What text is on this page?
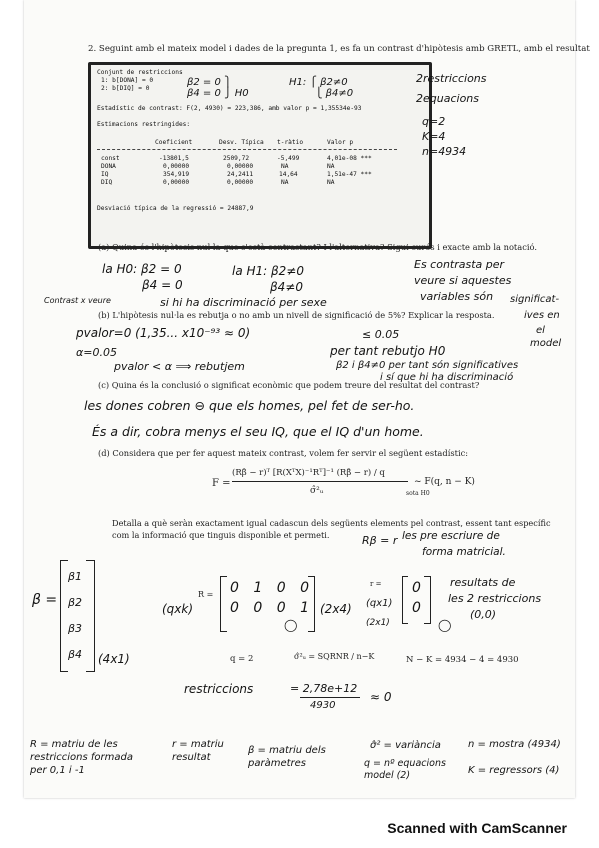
2. Seguint amb el mateix model i dades de la pregunta 1, es fa un contrast d'hipòtesis amb GRETL, amb el resultat
Conjunt de restriccions
1: b[DONA] = 0
2: b[DIQ] = 0
β2 = 0 ⎫
β4 = 0 ⎭ H0
H1: ⎧ β2≠0
⎩ β4≠0
Estadístic de contrast: F(2, 4930) = 223,386, amb valor p = 1,35534e-93
Estimacions restringides:
Coeficient	Desv. Típica t-ràtio	Valor p
const	-13801,5	2509,72	-5,499	4,01e-08 ***
DONA	0,00000	0,00000	NA	NA
IQ	354,919	24,2411	14,64	1,51e-47 ***
DIQ	0,00000	0,00000	NA	NA
Desviació típica de la regressió = 24887,9
2restriccions
2equacions
q=2
K=4
n=4934
(a) Quina és l'hipòtesis nul·la que s'està contrastant? I l'alternativa? Sigui curós i exacte amb la notació.
la H0: β2 = 0
β4 = 0
la H1: β2≠0
β4≠0
Es contrasta per
veure si aquestes
variables són significat-
ives en
el
model
Contrast x veure	si hi ha discriminació per sexe
(b) L'hipòtesis nul·la es rebutja o no amb un nivell de significació de 5%? Explicar la resposta.
pvalor=0 (1,35... x10⁻⁹³ ≈ 0)	≤ 0.05
α=0.05
pvalor < α ⟹ rebutjem
per tant rebutjo H0
β2 i β4≠0 per tant són significatives
i sí que hi ha discriminació
(c) Quina és la conclusió o significat econòmic que podem treure del resultat del contrast?
les dones cobren ⊖ que els homes, pel fet de ser-ho.
És a dir, cobra menys el seu IQ, que el IQ d'un home.
(d) Considera que per fer aquest mateix contrast, volem fer servir el següent estadístic:
F =
(Rβ̂ − r)ᵀ [R(XᵀX)⁻¹Rᵀ]⁻¹ (Rβ̂ − r) / q
σ̂²ᵤ
~ F(q, n − K)
sota H0
Detalla a què seràn exactament igual cadascun dels següents elements pel contrast, essent tant específic
com la informació que tinguis disponible et permeti.	Rβ = r les pre escriure de
forma matricial.
β =
β1
β2
β3
β4 (4x1)
R =
(qxk)
0 1 0 0
0 0 0 1
◯
(2x4)
r =
(qx1)
(2x1)
0
0
◯
resultats de
les 2 restriccions
(0,0)
q = 2
restriccions
σ̂²ᵤ = SQRNR / n−K	N − K = 4934 − 4 = 4930
= 2,78e+12
4930
≈ 0
R = matriu de les restriccions formada per 0,1 i -1
r = matriu resultat
β = matriu dels paràmetres
σ̂² = variància
q = nº equacions model (2)
n = mostra (4934)
K = regressors (4)
Scanned with CamScanner
